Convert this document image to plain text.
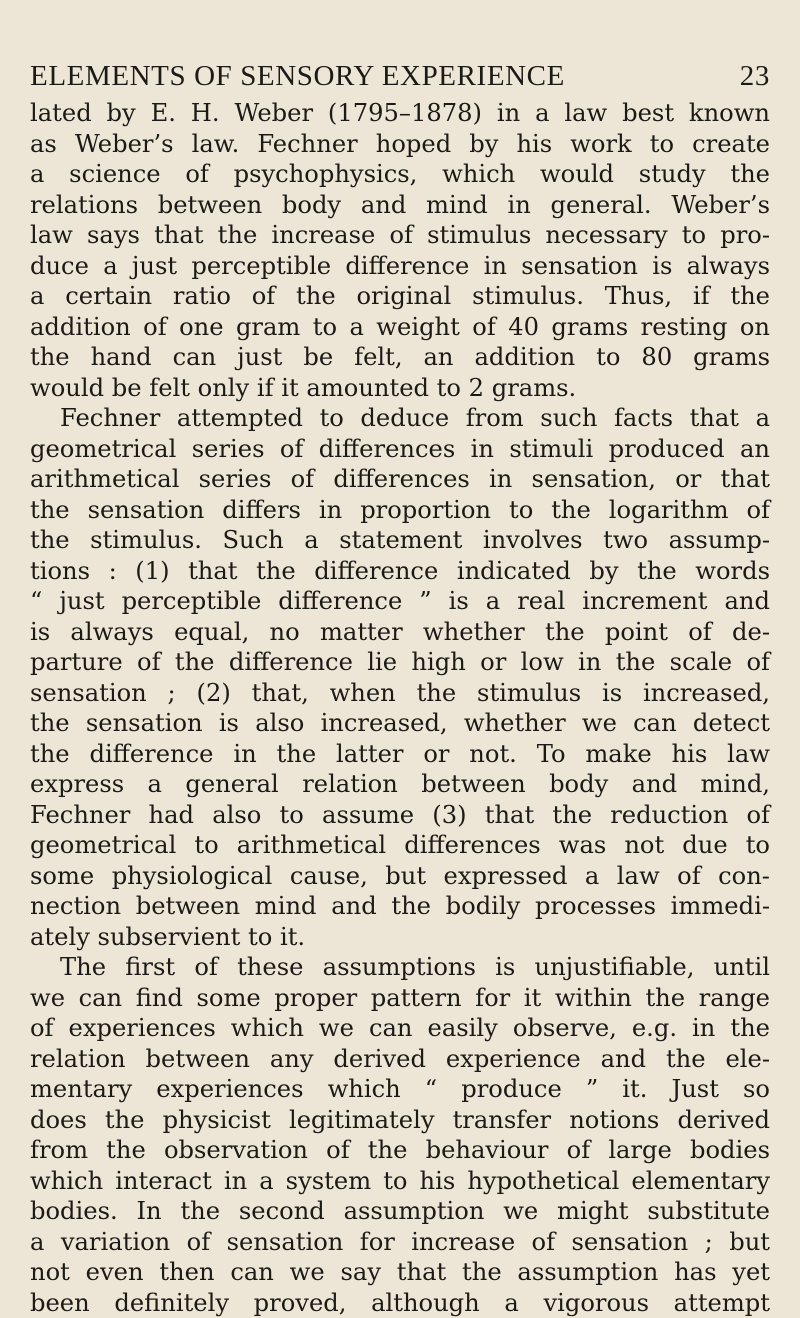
ELEMENTS OF SENSORY EXPERIENCE	23
lated by E. H. Weber (1795–1878) in a law best known
as Weber’s law. Fechner hoped by his work to create
a science of psychophysics, which would study the
relations between body and mind in general. Weber’s
law says that the increase of stimulus necessary to pro-
duce a just perceptible difference in sensation is always
a certain ratio of the original stimulus. Thus, if the
addition of one gram to a weight of 40 grams resting on
the hand can just be felt, an addition to 80 grams
would be felt only if it amounted to 2 grams.
Fechner attempted to deduce from such facts that a
geometrical series of differences in stimuli produced an
arithmetical series of differences in sensation, or that
the sensation differs in proportion to the logarithm of
the stimulus. Such a statement involves two assump-
tions : (1) that the difference indicated by the words
“ just perceptible difference ” is a real increment and
is always equal, no matter whether the point of de-
parture of the difference lie high or low in the scale of
sensation ; (2) that, when the stimulus is increased,
the sensation is also increased, whether we can detect
the difference in the latter or not. To make his law
express a general relation between body and mind,
Fechner had also to assume (3) that the reduction of
geometrical to arithmetical differences was not due to
some physiological cause, but expressed a law of con-
nection between mind and the bodily processes immedi-
ately subservient to it.
The first of these assumptions is unjustifiable, until
we can find some proper pattern for it within the range
of experiences which we can easily observe, e.g. in the
relation between any derived experience and the ele-
mentary experiences which “ produce ” it. Just so
does the physicist legitimately transfer notions derived
from the observation of the behaviour of large bodies
which interact in a system to his hypothetical elementary
bodies. In the second assumption we might substitute
a variation of sensation for increase of sensation ; but
not even then can we say that the assumption has yet
been definitely proved, although a vigorous attempt
